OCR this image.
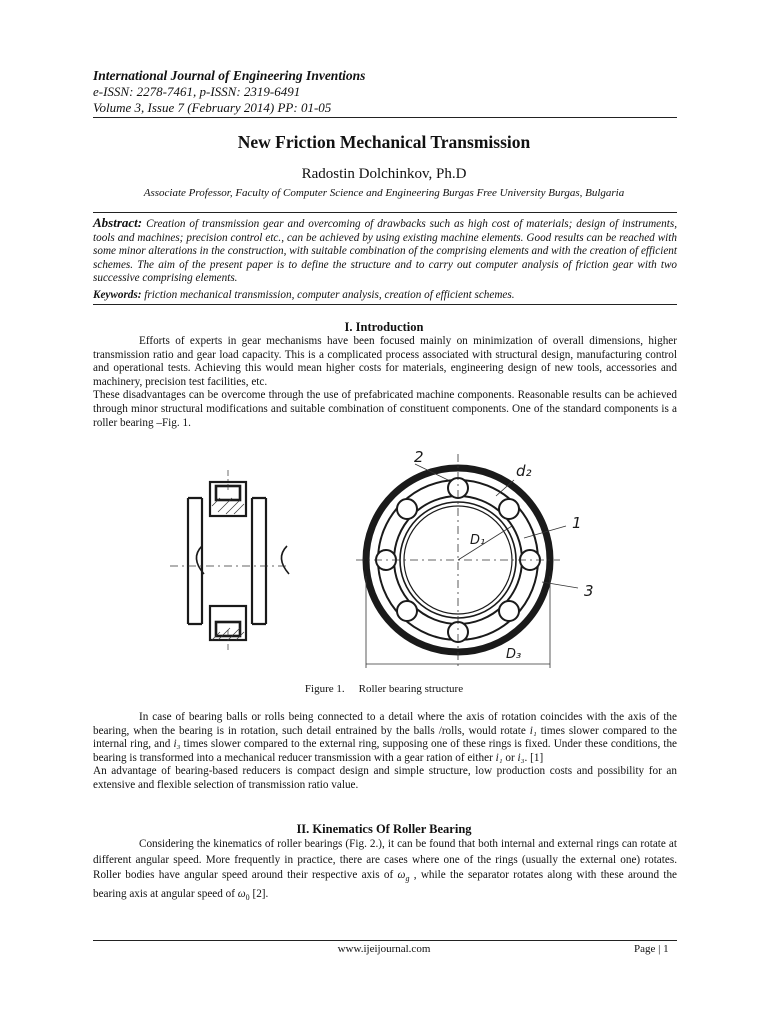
International Journal of Engineering Inventions
e-ISSN: 2278-7461, p-ISSN: 2319-6491
Volume 3, Issue 7 (February 2014) PP: 01-05
New Friction Mechanical Transmission
Radostin Dolchinkov, Ph.D
Associate Professor, Faculty of Computer Science and Engineering Burgas Free University Burgas, Bulgaria
Abstract: Creation of transmission gear and overcoming of drawbacks such as high cost of materials; design of instruments, tools and machines; precision control etc., can be achieved by using existing machine elements. Good results can be reached with some minor alterations in the construction, with suitable combination of the comprising elements and with the creation of efficient schemes. The aim of the present paper is to define the structure and to carry out computer analysis of friction gear with two successive comprising elements.
Keywords: friction mechanical transmission, computer analysis, creation of efficient schemes.
I. Introduction

Efforts of experts in gear mechanisms have been focused mainly on minimization of overall dimensions, higher transmission ratio and gear load capacity. This is a complicated process associated with structural design, manufacturing control and operational tests. Achieving this would mean higher costs for materials, engineering design of new tools, accessories and machinery, precision test facilities, etc.

These disadvantages can be overcome through the use of prefabricated machine components. Reasonable results can be achieved through minor structural modifications and suitable combination of constituent components. One of the standard components is a roller bearing –Fig. 1.

2
d₂
1
D₁
3
D₃
Figure 1. Roller bearing structure

In case of bearing balls or rolls being connected to a detail where the axis of rotation coincides with the axis of the bearing, when the bearing is in rotation, such detail entrained by the balls /rolls, would rotate i₁ times slower compared to the internal ring, and i₃ times slower compared to the external ring, supposing one of these rings is fixed. Under these conditions, the bearing is transformed into a mechanical reducer transmission with a gear ration of either i₁ or i₃. [1]

An advantage of bearing-based reducers is compact design and simple structure, low production costs and possibility for an extensive and flexible selection of transmission ratio value.

II. Kinematics Of Roller Bearing

Considering the kinematics of roller bearings (Fig. 2.), it can be found that both internal and external rings can rotate at different angular speed. More frequently in practice, there are cases where one of the rings (usually the external one) rotates. Roller bodies have angular speed around their respective axis of $\omega_g$ , while the separator rotates along with these around the bearing axis at angular speed of $\omega_0$ [2].

www.ijeijournal.com	Page | 1
